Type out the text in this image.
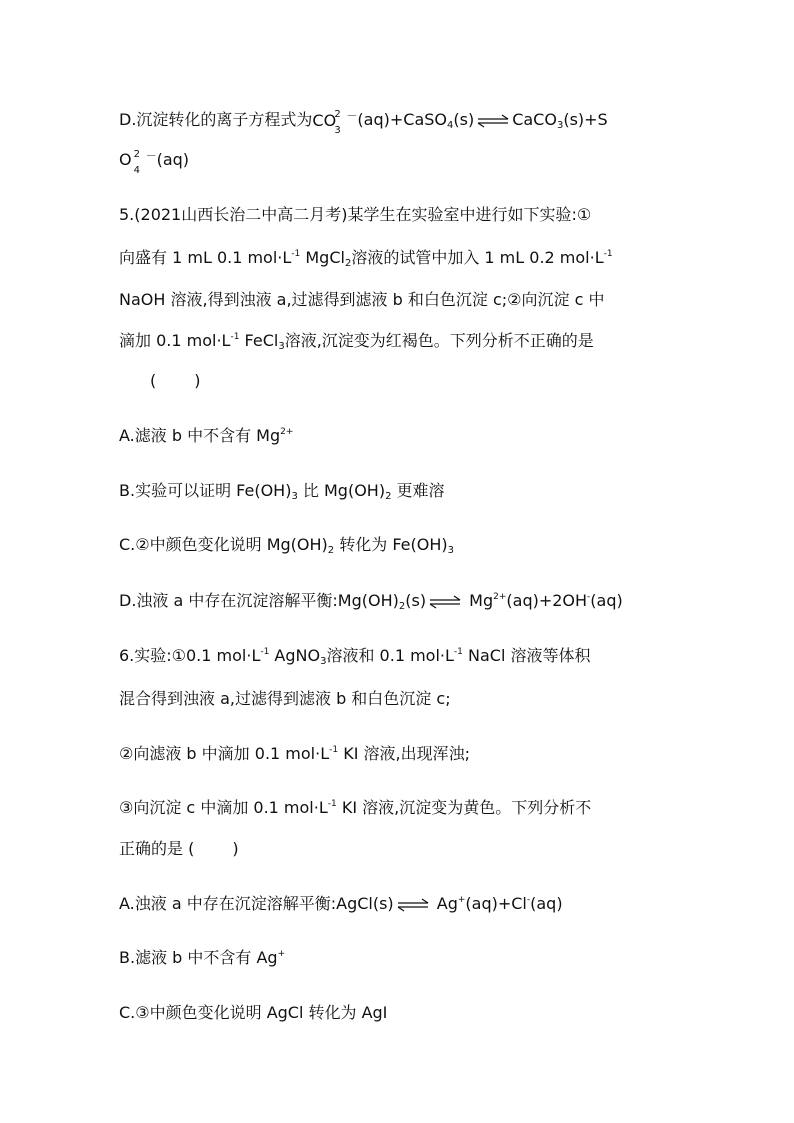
D.沉淀转化的离子方程式为CO
2
3
－(aq)+CaSO$_4$(s) ⇌ CaCO$_3$(s)+S
O 2
4
－(aq)
5.(2021山西长治二中高二月考)某学生在实验室中进行如下实验:①
向盛有 1 mL 0.1 $mol\cdot L^{-1}$ MgCl$_2$溶液的试管中加入 1 mL 0.2 $mol\cdot L^{-1}$
NaOH 溶液,得到浊液 a,过滤得到滤液 b 和白色沉淀 c;②向沉淀 c 中
滴加 0.1 $mol\cdot L^{-1}$ FeCl$_3$溶液,沉淀变为红褐色。下列分析不正确的是
( )
A.滤液 b 中不含有 $Mg^{2+}$
B.实验可以证明 $Fe(OH)_3$ 比 $Mg(OH)_2$ 更难溶
C.②中颜色变化说明 $Mg(OH)_2$ 转化为 $Fe(OH)_3$
D.浊液 a 中存在沉淀溶解平衡$:Mg(OH)_2(s)$ ⇌ $Mg^{2+}(aq)+2OH^-(aq)$
6.实验:①0.1 $mol\cdot L^{-1}$ AgNO$_3$溶液和 0.1 $mol\cdot L^{-1}$ NaCl 溶液等体积
混合得到浊液 a,过滤得到滤液 b 和白色沉淀 c;
②向滤液 b 中滴加 0.1 $mol\cdot L^{-1}$ KI 溶液,出现浑浊;
③向沉淀 c 中滴加 0.1 $mol\cdot L^{-1}$ KI 溶液,沉淀变为黄色。下列分析不
正确的是 ( )
A.浊液 a 中存在沉淀溶解平衡:AgCl(s) ⇌ Ag+(aq)+Cl-(aq)
B.滤液 b 中不含有 Ag+
C.③中颜色变化说明 AgCl 转化为 AgI
